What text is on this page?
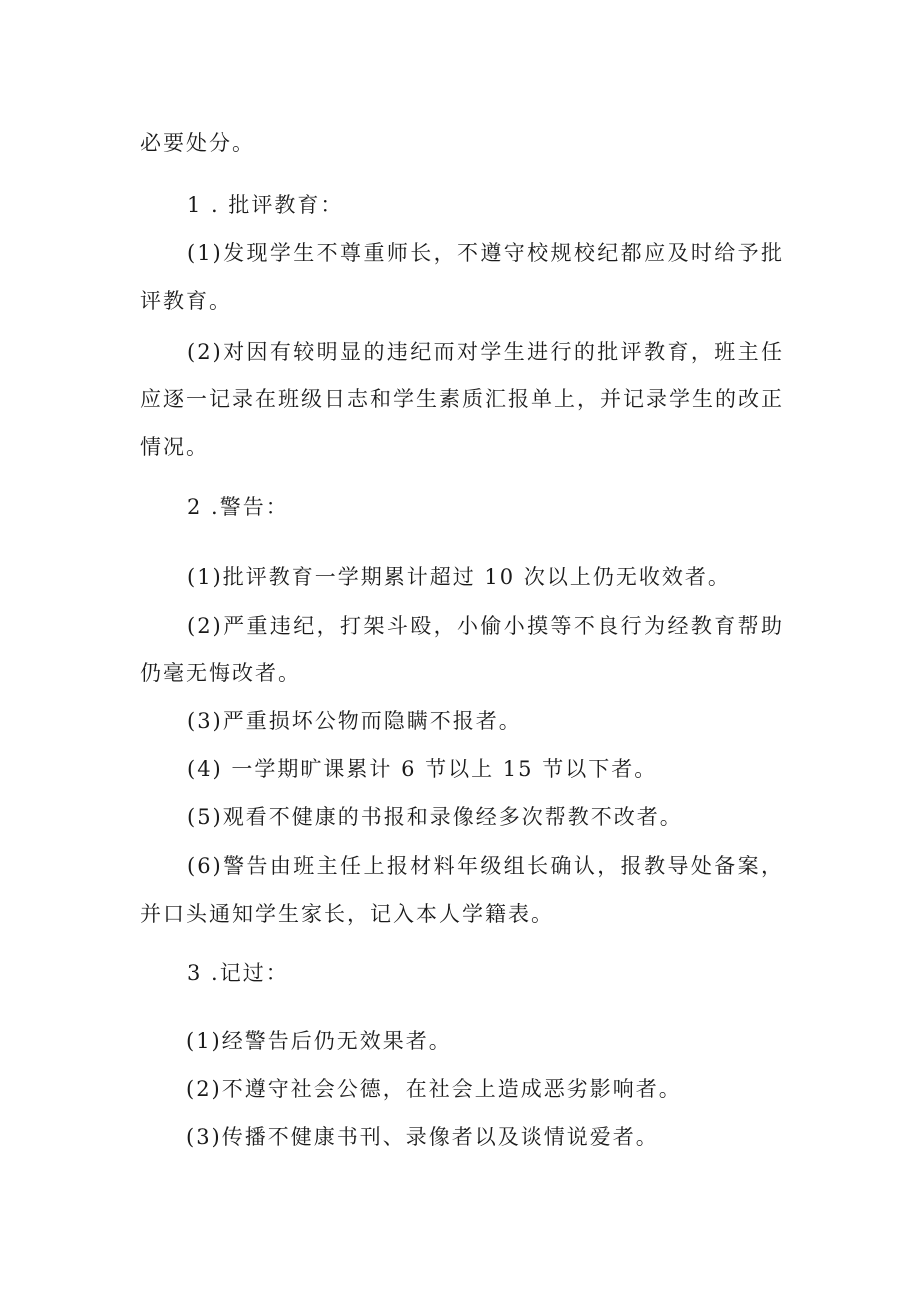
必要处分。
1 . 批评教育：
(1)发现学生不尊重师长，不遵守校规校纪都应及时给予批
评教育。
(2)对因有较明显的违纪而对学生进行的批评教育，班主任
应逐一记录在班级日志和学生素质汇报单上，并记录学生的改正
情况。
2 .警告：
(1)批评教育一学期累计超过 10 次以上仍无收效者。
(2)严重违纪，打架斗殴，小偷小摸等不良行为经教育帮助
仍毫无悔改者。
(3)严重损坏公物而隐瞒不报者。
(4) 一学期旷课累计 6 节以上 15 节以下者。
(5)观看不健康的书报和录像经多次帮教不改者。
(6)警告由班主任上报材料年级组长确认，报教导处备案，
并口头通知学生家长，记入本人学籍表。
3 .记过：
(1)经警告后仍无效果者。
(2)不遵守社会公德，在社会上造成恶劣影响者。
(3)传播不健康书刊、录像者以及谈情说爱者。
